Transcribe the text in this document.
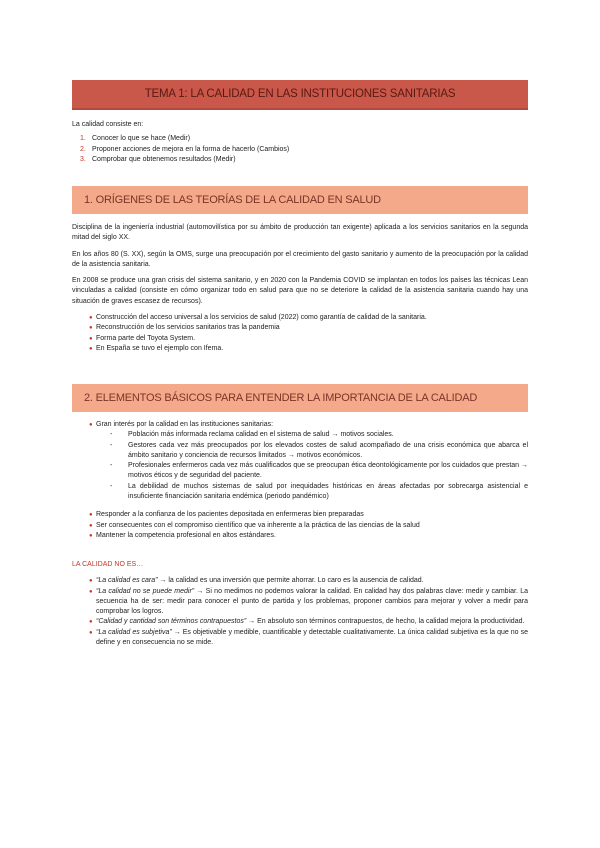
TEMA 1: LA CALIDAD EN LAS INSTITUCIONES SANITARIAS
La calidad consiste en:
1. Conocer lo que se hace (Medir)
2. Proponer acciones de mejora en la forma de hacerlo (Cambios)
3. Comprobar que obtenemos resultados (Medir)
1. ORÍGENES DE LAS TEORÍAS DE LA CALIDAD EN SALUD

Disciplina de la ingeniería industrial (automovilística por su ámbito de producción tan exigente) aplicada a los servicios sanitarios en la segunda mitad del siglo XX.

En los años 80 (S. XX), según la OMS, surge una preocupación por el crecimiento del gasto sanitario y aumento de la preocupación por la calidad de la asistencia sanitaria.

En 2008 se produce una gran crisis del sistema sanitario, y en 2020 con la Pandemia COVID se implantan en todos los países las técnicas Lean vinculadas a calidad (consiste en cómo organizar todo en salud para que no se deteriore la calidad de la asistencia sanitaria cuando hay una situación de graves escasez de recursos).

● Construcción del acceso universal a los servicios de salud (2022) como garantía de calidad de la sanitaria.
● Reconstrucción de los servicios sanitarios tras la pandemia
● Forma parte del Toyota System.
● En España se tuvo el ejemplo con Ifema.
2. ELEMENTOS BÁSICOS PARA ENTENDER LA IMPORTANCIA DE LA CALIDAD
● Gran interés por la calidad en las instituciones sanitarias:
- Población más informada reclama calidad en el sistema de salud → motivos sociales.
- Gestores cada vez más preocupados por los elevados costes de salud acompañado de una crisis económica que abarca el ámbito sanitario y conciencia de recursos limitados → motivos económicos.
- Profesionales enfermeros cada vez más cualificados que se preocupan ética deontológicamente por los cuidados que prestan → motivos éticos y de seguridad del paciente.
- La debilidad de muchos sistemas de salud por inequidades históricas en áreas afectadas por sobrecarga asistencial e insuficiente financiación sanitaria endémica (periodo pandémico)
● Responder a la confianza de los pacientes depositada en enfermeras bien preparadas
● Ser consecuentes con el compromiso científico que va inherente a la práctica de las ciencias de la salud
● Mantener la competencia profesional en altos estándares.
LA CALIDAD NO ES…
● “La calidad es cara” → la calidad es una inversión que permite ahorrar. Lo caro es la ausencia de calidad.
● “La calidad no se puede medir” → Si no medimos no podemos valorar la calidad. En calidad hay dos palabras clave: medir y cambiar. La secuencia ha de ser: medir para conocer el punto de partida y los problemas, proponer cambios para mejorar y volver a medir para comprobar los logros.
● “Calidad y cantidad son términos contrapuestos” → En absoluto son términos contrapuestos, de hecho, la calidad mejora la productividad.
● “La calidad es subjetiva” → Es objetivable y medible, cuantificable y detectable cualitativamente. La única calidad subjetiva es la que no se define y en consecuencia no se mide.
